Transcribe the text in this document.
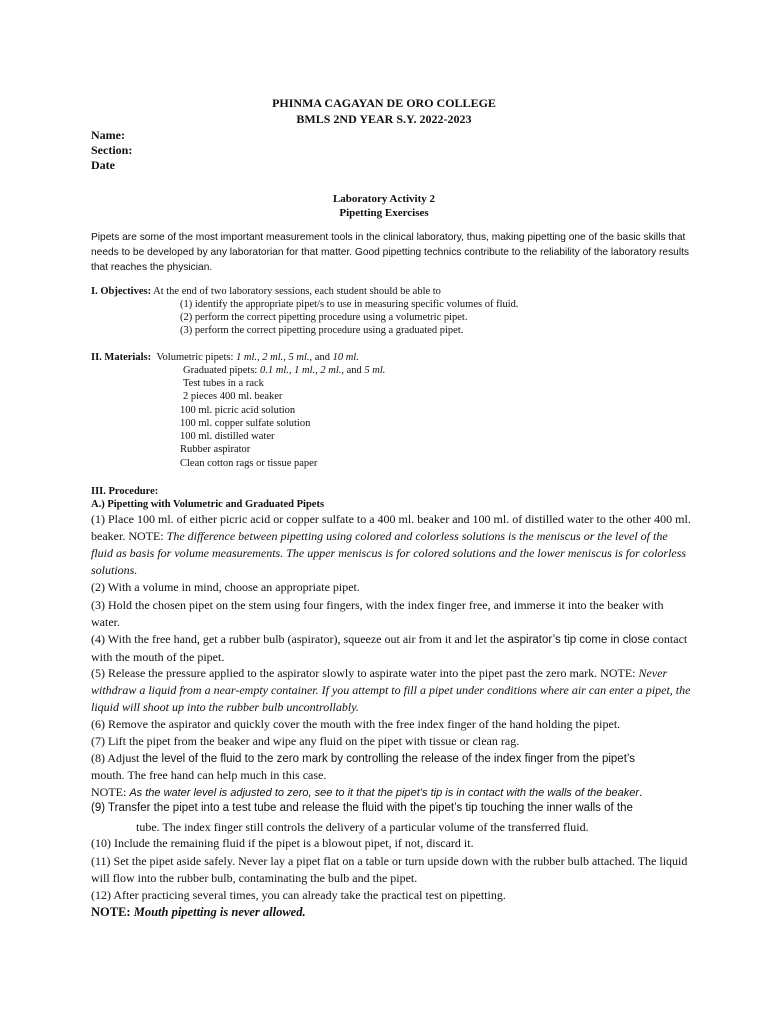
PHINMA CAGAYAN DE ORO COLLEGE
BMLS 2ND YEAR S.Y. 2022-2023
Name:
Section:
Date
Laboratory Activity 2
Pipetting Exercises

Pipets are some of the most important measurement tools in the clinical laboratory, thus, making pipetting one of the basic skills that needs to be developed by any laboratorian for that matter. Good pipetting technics contribute to the reliability of the laboratory results that reaches the physician.

I. Objectives: At the end of two laboratory sessions, each student should be able to
(1) identify the appropriate pipet/s to use in measuring specific volumes of fluid.
(2) perform the correct pipetting procedure using a volumetric pipet.
(3) perform the correct pipetting procedure using a graduated pipet.
II. Materials: Volumetric pipets: 1 ml., 2 ml., 5 ml., and 10 ml.
Graduated pipets: 0.1 ml., 1 ml., 2 ml., and 5 ml.
Test tubes in a rack
2 pieces 400 ml. beaker
100 ml. picric acid solution
100 ml. copper sulfate solution
100 ml. distilled water
Rubber aspirator
Clean cotton rags or tissue paper
III. Procedure:
A.) Pipetting with Volumetric and Graduated Pipets

(1) Place 100 ml. of either picric acid or copper sulfate to a 400 ml. beaker and 100 ml. of distilled water to the other 400 ml. beaker. NOTE: The difference between pipetting using colored and colorless solutions is the meniscus or the level of the fluid as basis for volume measurements. The upper meniscus is for colored solutions and the lower meniscus is for colorless solutions.

(2) With a volume in mind, choose an appropriate pipet.

(3) Hold the chosen pipet on the stem using four fingers, with the index finger free, and immerse it into the beaker with water.

(4) With the free hand, get a rubber bulb (aspirator), squeeze out air from it and let the aspirator’s tip come in close contact with the mouth of the pipet.

(5) Release the pressure applied to the aspirator slowly to aspirate water into the pipet past the zero mark. NOTE: Never withdraw a liquid from a near-empty container. If you attempt to fill a pipet under conditions where air can enter a pipet, the liquid will shoot up into the rubber bulb uncontrollably.

(6) Remove the aspirator and quickly cover the mouth with the free index finger of the hand holding the pipet.
(7) Lift the pipet from the beaker and wipe any fluid on the pipet with tissue or clean rag.
(8) Adjust the level of the fluid to the zero mark by controlling the release of the index finger from the pipet’s
mouth. The free hand can help much in this case.
NOTE: As the water level is adjusted to zero, see to it that the pipet’s tip is in contact with the walls of the beaker.
(9) Transfer the pipet into a test tube and release the fluid with the pipet’s tip touching the inner walls of the
tube. The index finger still controls the delivery of a particular volume of the transferred fluid.
(10) Include the remaining fluid if the pipet is a blowout pipet, if not, discard it.

(11) Set the pipet aside safely. Never lay a pipet flat on a table or turn upside down with the rubber bulb attached. The liquid will flow into the rubber bulb, contaminating the bulb and the pipet.

(12) After practicing several times, you can already take the practical test on pipetting.
NOTE: Mouth pipetting is never allowed.
